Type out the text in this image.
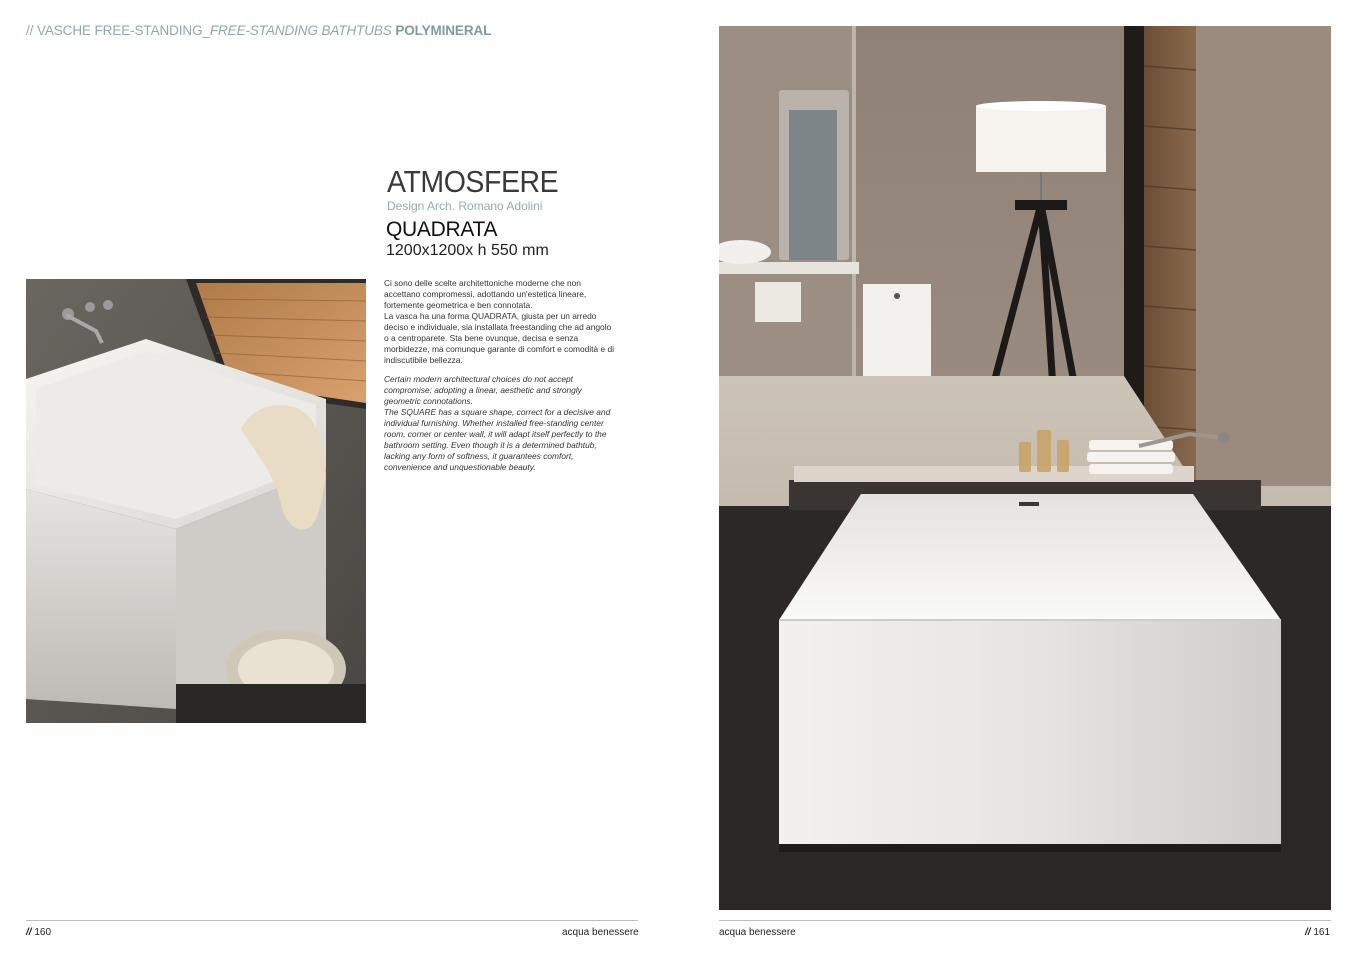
// VASCHE FREE-STANDING_FREE-STANDING BATHTUBS POLYMINERAL
ATMOSFERE
Design Arch. Romano Adolini
QUADRATA
1200x1200x h 550 mm

Ci sono delle scelte architettoniche moderne che non accettano compromessi, adottando un'estetica lineare, fortemente geometrica e ben connotata.

La vasca ha una forma QUADRATA, giusta per un arredo deciso e individuale, sia installata freestanding che ad angolo o a centroparete. Sta bene ovunque, decisa e senza morbidezze, ma comunque garante di comfort e comodità e di indiscutibile bellezza.

Certain modern architectural choices do not accept compromise: adopting a linear, aesthetic and strongly geometric connotations.

The SQUARE has a square shape, correct for a decisive and individual furnishing. Whether installed free-standing center room, corner or center wall, it will adapt itself perfectly to the bathroom setting. Even though it is a determined bathtub, lacking any form of softness, it guarantees comfort, convenience and unquestionable beauty.

// 160	acqua benessere	acqua benessere	// 161
